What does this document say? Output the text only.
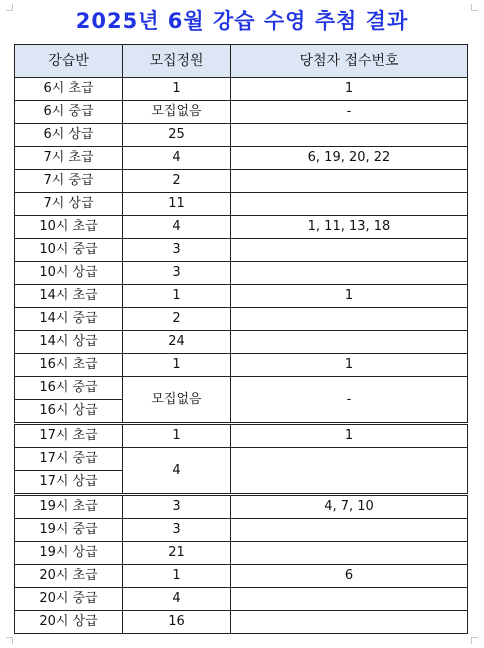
2025년 6월 강습 수영 추첨 결과
강습반	모집정원	당첨자 접수번호
6시 초급	1	1
6시 중급	모집없음	-
6시 상급	25	
7시 초급	4	6, 19, 20, 22
7시 중급	2	
7시 상급	11	
10시 초급	4	1, 11, 13, 18
10시 중급	3	
10시 상급	3	
14시 초급	1	1
14시 중급	2	
14시 상급	24	
16시 초급	1	1
16시 중급	모집없음	-
16시 상급		
17시 초급	1	1
17시 중급	4	
17시 상급		
19시 초급	3	4, 7, 10
19시 중급	3	
19시 상급	21	
20시 초급	1	6
20시 중급	4	
20시 상급	16	
